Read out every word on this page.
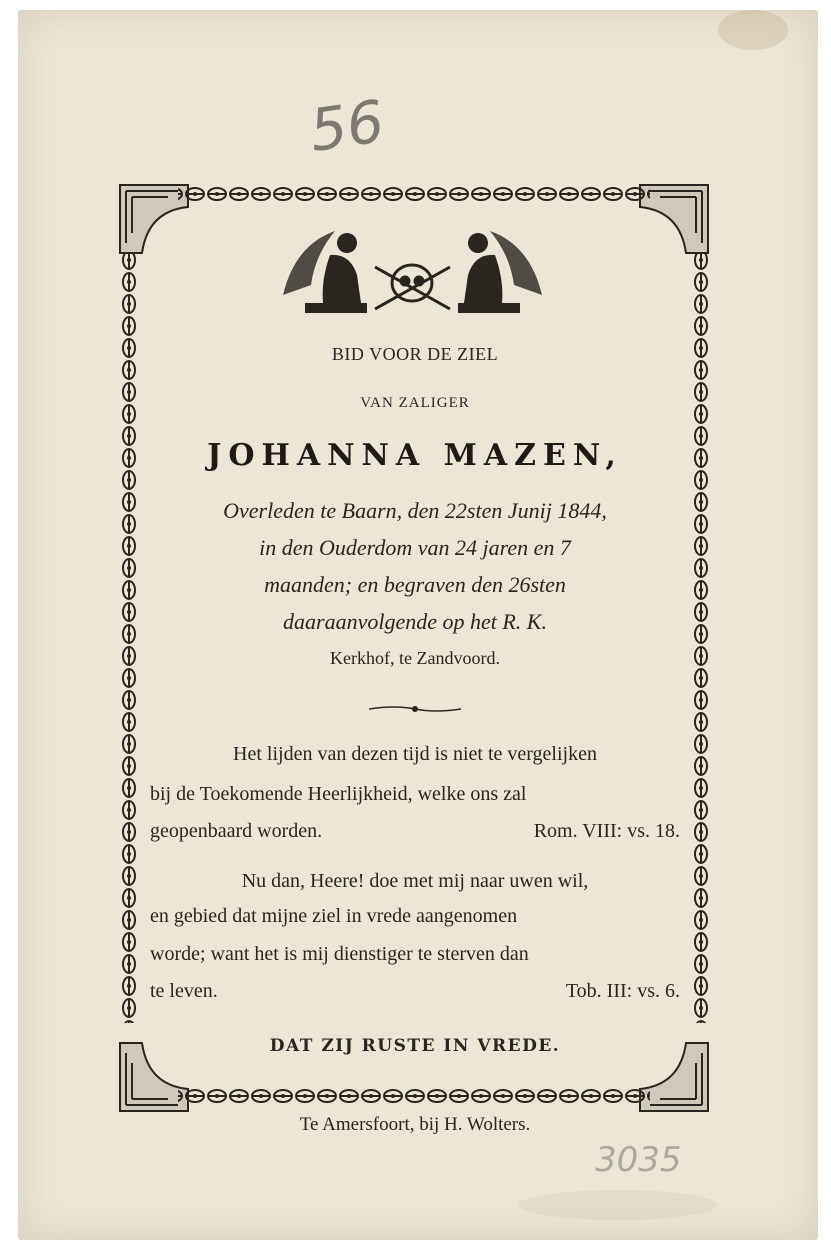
56
3035
BID VOOR DE ZIEL
VAN ZALIGER
JOHANNA MAZEN,
Overleden te Baarn, den 22sten Junij 1844,
in den Ouderdom van 24 jaren en 7
maanden; en begraven den 26sten
daaraanvolgende op het R. K.
Kerkhof, te Zandvoord.
Het lijden van dezen tijd is niet te vergelijken
bij de Toekomende Heerlijkheid, welke ons zal
geopenbaard worden.	Rom. VIII: vs. 18.
Nu dan, Heere! doe met mij naar uwen wil,
en gebied dat mijne ziel in vrede aangenomen
worde; want het is mij dienstiger te sterven dan
te leven.	Tob. III: vs. 6.
DAT ZIJ RUSTE IN VREDE.
Te Amersfoort, bij H. Wolters.
